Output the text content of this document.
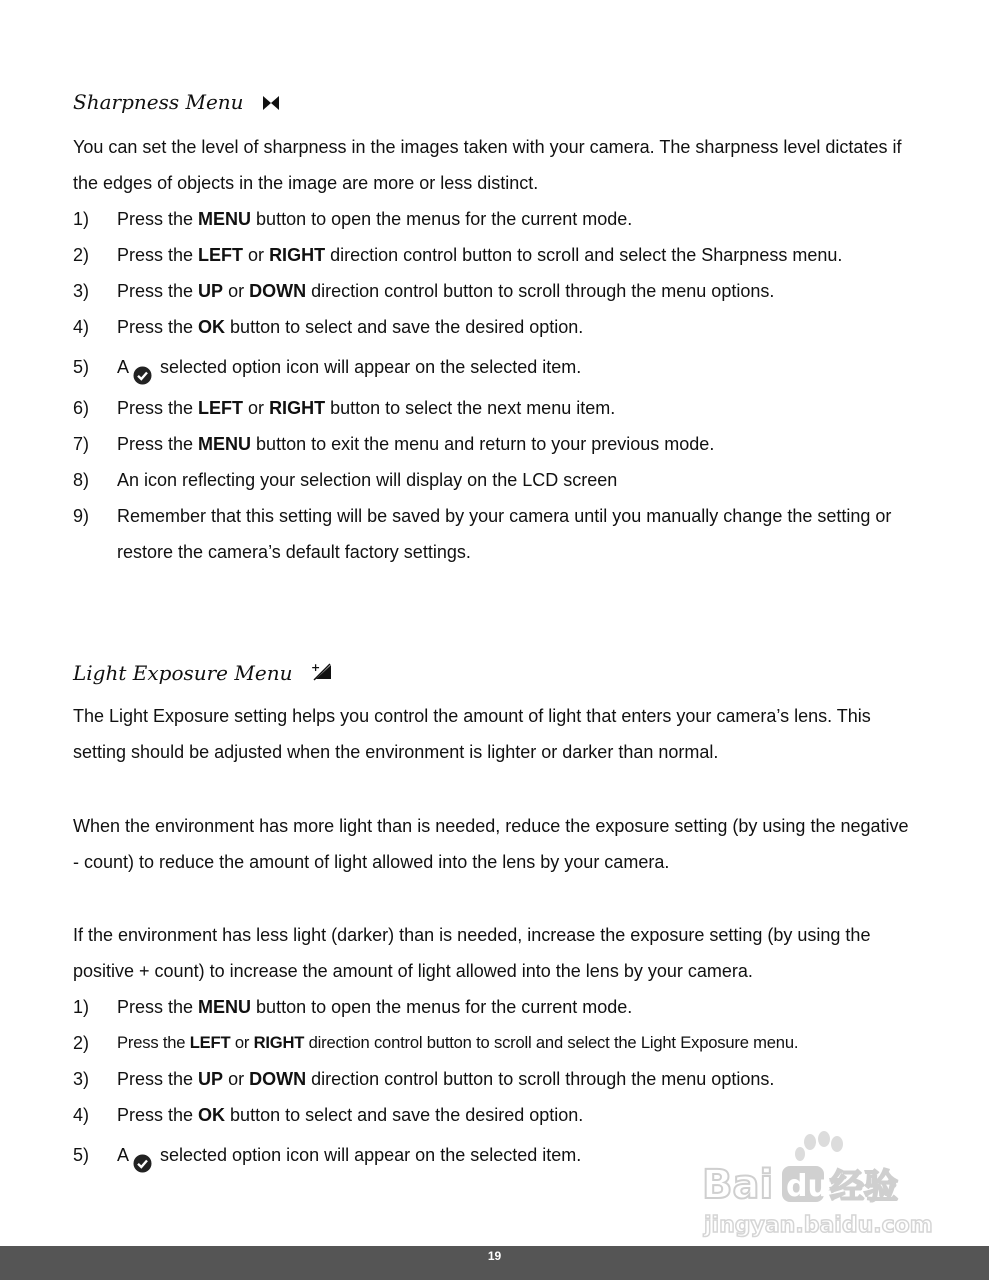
Sharpness Menu

You can set the level of sharpness in the images taken with your camera. The sharpness level dictates if the edges of objects in the image are more or less distinct.

1)	Press the MENU button to open the menus for the current mode.
2)	Press the LEFT or RIGHT direction control button to scroll and select the Sharpness menu.
3)	Press the UP or DOWN direction control button to scroll through the menu options.
4)	Press the OK button to select and save the desired option.
5)	A selected option icon will appear on the selected item.
6)	Press the LEFT or RIGHT button to select the next menu item.
7)	Press the MENU button to exit the menu and return to your previous mode.
8)	An icon reflecting your selection will display on the LCD screen
9)	Remember that this setting will be saved by your camera until you manually change the setting or restore the camera’s default factory settings.
Light Exposure Menu +

The Light Exposure setting helps you control the amount of light that enters your camera’s lens. This setting should be adjusted when the environment is lighter or darker than normal.

When the environment has more light than is needed, reduce the exposure setting (by using the negative - count) to reduce the amount of light allowed into the lens by your camera.

If the environment has less light (darker) than is needed, increase the exposure setting (by using the positive + count) to increase the amount of light allowed into the lens by your camera.

1)	Press the MENU button to open the menus for the current mode.
2)	Press the LEFT or RIGHT direction control button to scroll and select the Light Exposure menu.
3)	Press the UP or DOWN direction control button to scroll through the menu options.
4)	Press the OK button to select and save the desired option.
5)	A selected option icon will appear on the selected item.
Bai du 经验
jingyan.baidu.com
19
